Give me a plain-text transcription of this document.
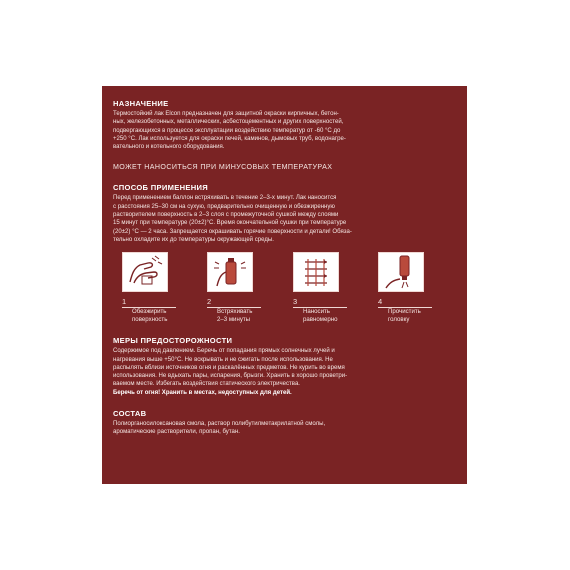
НАЗНАЧЕНИЕ

Термостойкий лак Elcon предназначен для защитной окраски кирпичных, бетон-

ных, железобетонных, металлических, асбестоцементных и других поверхностей,

подвергающихся в процессе эксплуатации воздействию температур от -60 °С до

+250 °С. Лак используется для окраски печей, каминов, дымовых труб, водонагре-

вательного и котельного оборудования.

МОЖЕТ НАНОСИТЬСЯ ПРИ МИНУСОВЫХ ТЕМПЕРАТУРАХ
СПОСОБ ПРИМЕНЕНИЯ

Перед применением баллон встряхивать в течение 2–3-х минут. Лак наносится

с расстояния 25–30 см на сухую, предварительно очищенную и обезжиренную

растворителем поверхность в 2–3 слоя с промежуточной сушкой между слоями

15 минут при температуре (20±2)°С. Время окончательной сушки при температуре

(20±2) °С — 2 часа. Запрещается окрашивать горячие поверхности и детали! Обяза-

тельно охладите их до температуры окружающей среды.

1
Обезжирить
поверхность
2
Встряхивать
2–3 минуты
3
Наносить
равномерно
4
Прочистить
головку
МЕРЫ ПРЕДОСТОРОЖНОСТИ

Содержимое под давлением. Беречь от попадания прямых солнечных лучей и

нагревания выше +50°С. Не вскрывать и не сжигать после использования. Не

распылять вблизи источников огня и раскалённых предметов. Не курить во время

использования. Не вдыхать пары, испарения, брызги. Хранить в хорошо проветри-

ваемом месте. Избегать воздействия статического электричества.

Беречь от огня! Хранить в местах, недоступных для детей.

СОСТАВ

Полиорганосилоксановая смола, раствор полибутилметакрилатной смолы,

ароматические растворители, пропан, бутан.
